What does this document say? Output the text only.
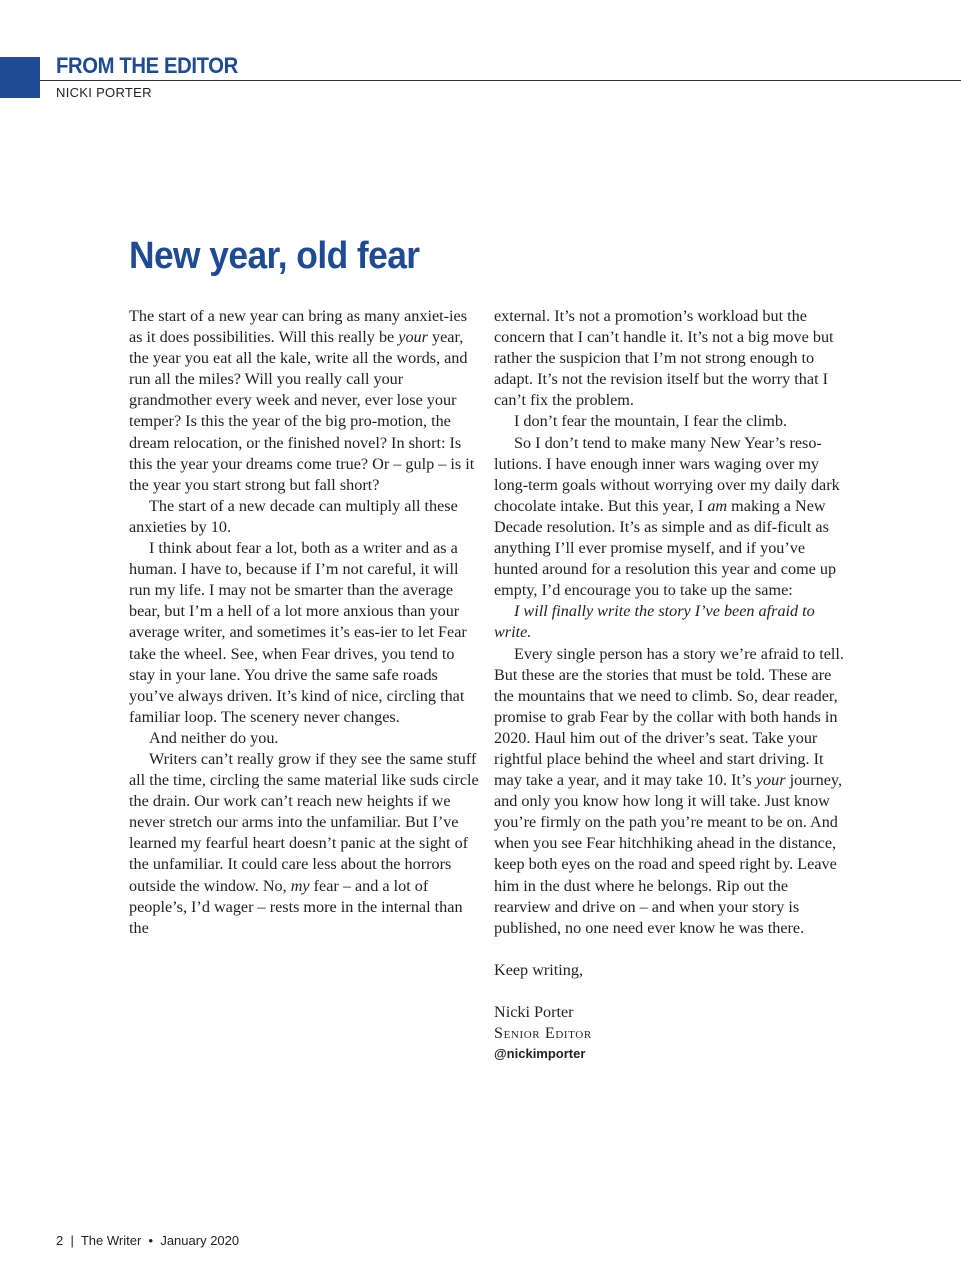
FROM THE EDITOR
NICKI PORTER
New year, old fear

The start of a new year can bring as many anxiet-ies as it does possibilities. Will this really be your year, the year you eat all the kale, write all the words, and run all the miles? Will you really call your grandmother every week and never, ever lose your temper? Is this the year of the big pro-motion, the dream relocation, or the finished novel? In short: Is this the year your dreams come true? Or – gulp – is it the year you start strong but fall short?

The start of a new decade can multiply all these anxieties by 10.

I think about fear a lot, both as a writer and as a human. I have to, because if I’m not careful, it will run my life. I may not be smarter than the average bear, but I’m a hell of a lot more anxious than your average writer, and sometimes it’s eas-ier to let Fear take the wheel. See, when Fear drives, you tend to stay in your lane. You drive the same safe roads you’ve always driven. It’s kind of nice, circling that familiar loop. The scenery never changes.

And neither do you.

Writers can’t really grow if they see the same stuff all the time, circling the same material like suds circle the drain. Our work can’t reach new heights if we never stretch our arms into the unfamiliar. But I’ve learned my fearful heart doesn’t panic at the sight of the unfamiliar. It could care less about the horrors outside the window. No, my fear – and a lot of people’s, I’d wager – rests more in the internal than the

external. It’s not a promotion’s workload but the concern that I can’t handle it. It’s not a big move but rather the suspicion that I’m not strong enough to adapt. It’s not the revision itself but the worry that I can’t fix the problem.

I don’t fear the mountain, I fear the climb.

So I don’t tend to make many New Year’s reso-lutions. I have enough inner wars waging over my long-term goals without worrying over my daily dark chocolate intake. But this year, I am making a New Decade resolution. It’s as simple and as dif-ficult as anything I’ll ever promise myself, and if you’ve hunted around for a resolution this year and come up empty, I’d encourage you to take up the same:

I will finally write the story I’ve been afraid to write.

Every single person has a story we’re afraid to tell. But these are the stories that must be told. These are the mountains that we need to climb. So, dear reader, promise to grab Fear by the collar with both hands in 2020. Haul him out of the driver’s seat. Take your rightful place behind the wheel and start driving. It may take a year, and it may take 10. It’s your journey, and only you know how long it will take. Just know you’re firmly on the path you’re meant to be on. And when you see Fear hitchhiking ahead in the distance, keep both eyes on the road and speed right by. Leave him in the dust where he belongs. Rip out the rearview and drive on – and when your story is published, no one need ever know he was there.

Keep writing,

Nicki Porter

Senior Editor

@nickimporter
2 | The Writer • January 2020
